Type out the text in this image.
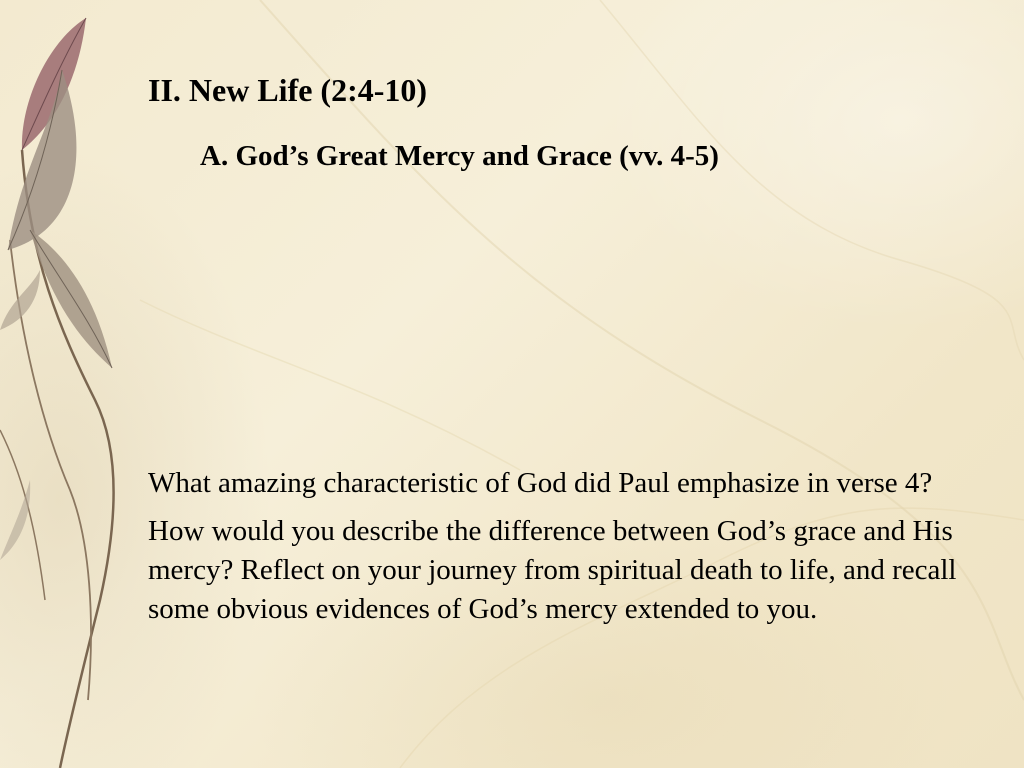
II. New Life (2:4-10)
A. God’s Great Mercy and Grace (vv. 4-5)

What amazing characteristic of God did Paul emphasize in verse 4?

How would you describe the difference between God’s grace and His mercy? Reflect on your journey from spiritual death to life, and recall some obvious evidences of God’s mercy extended to you.
